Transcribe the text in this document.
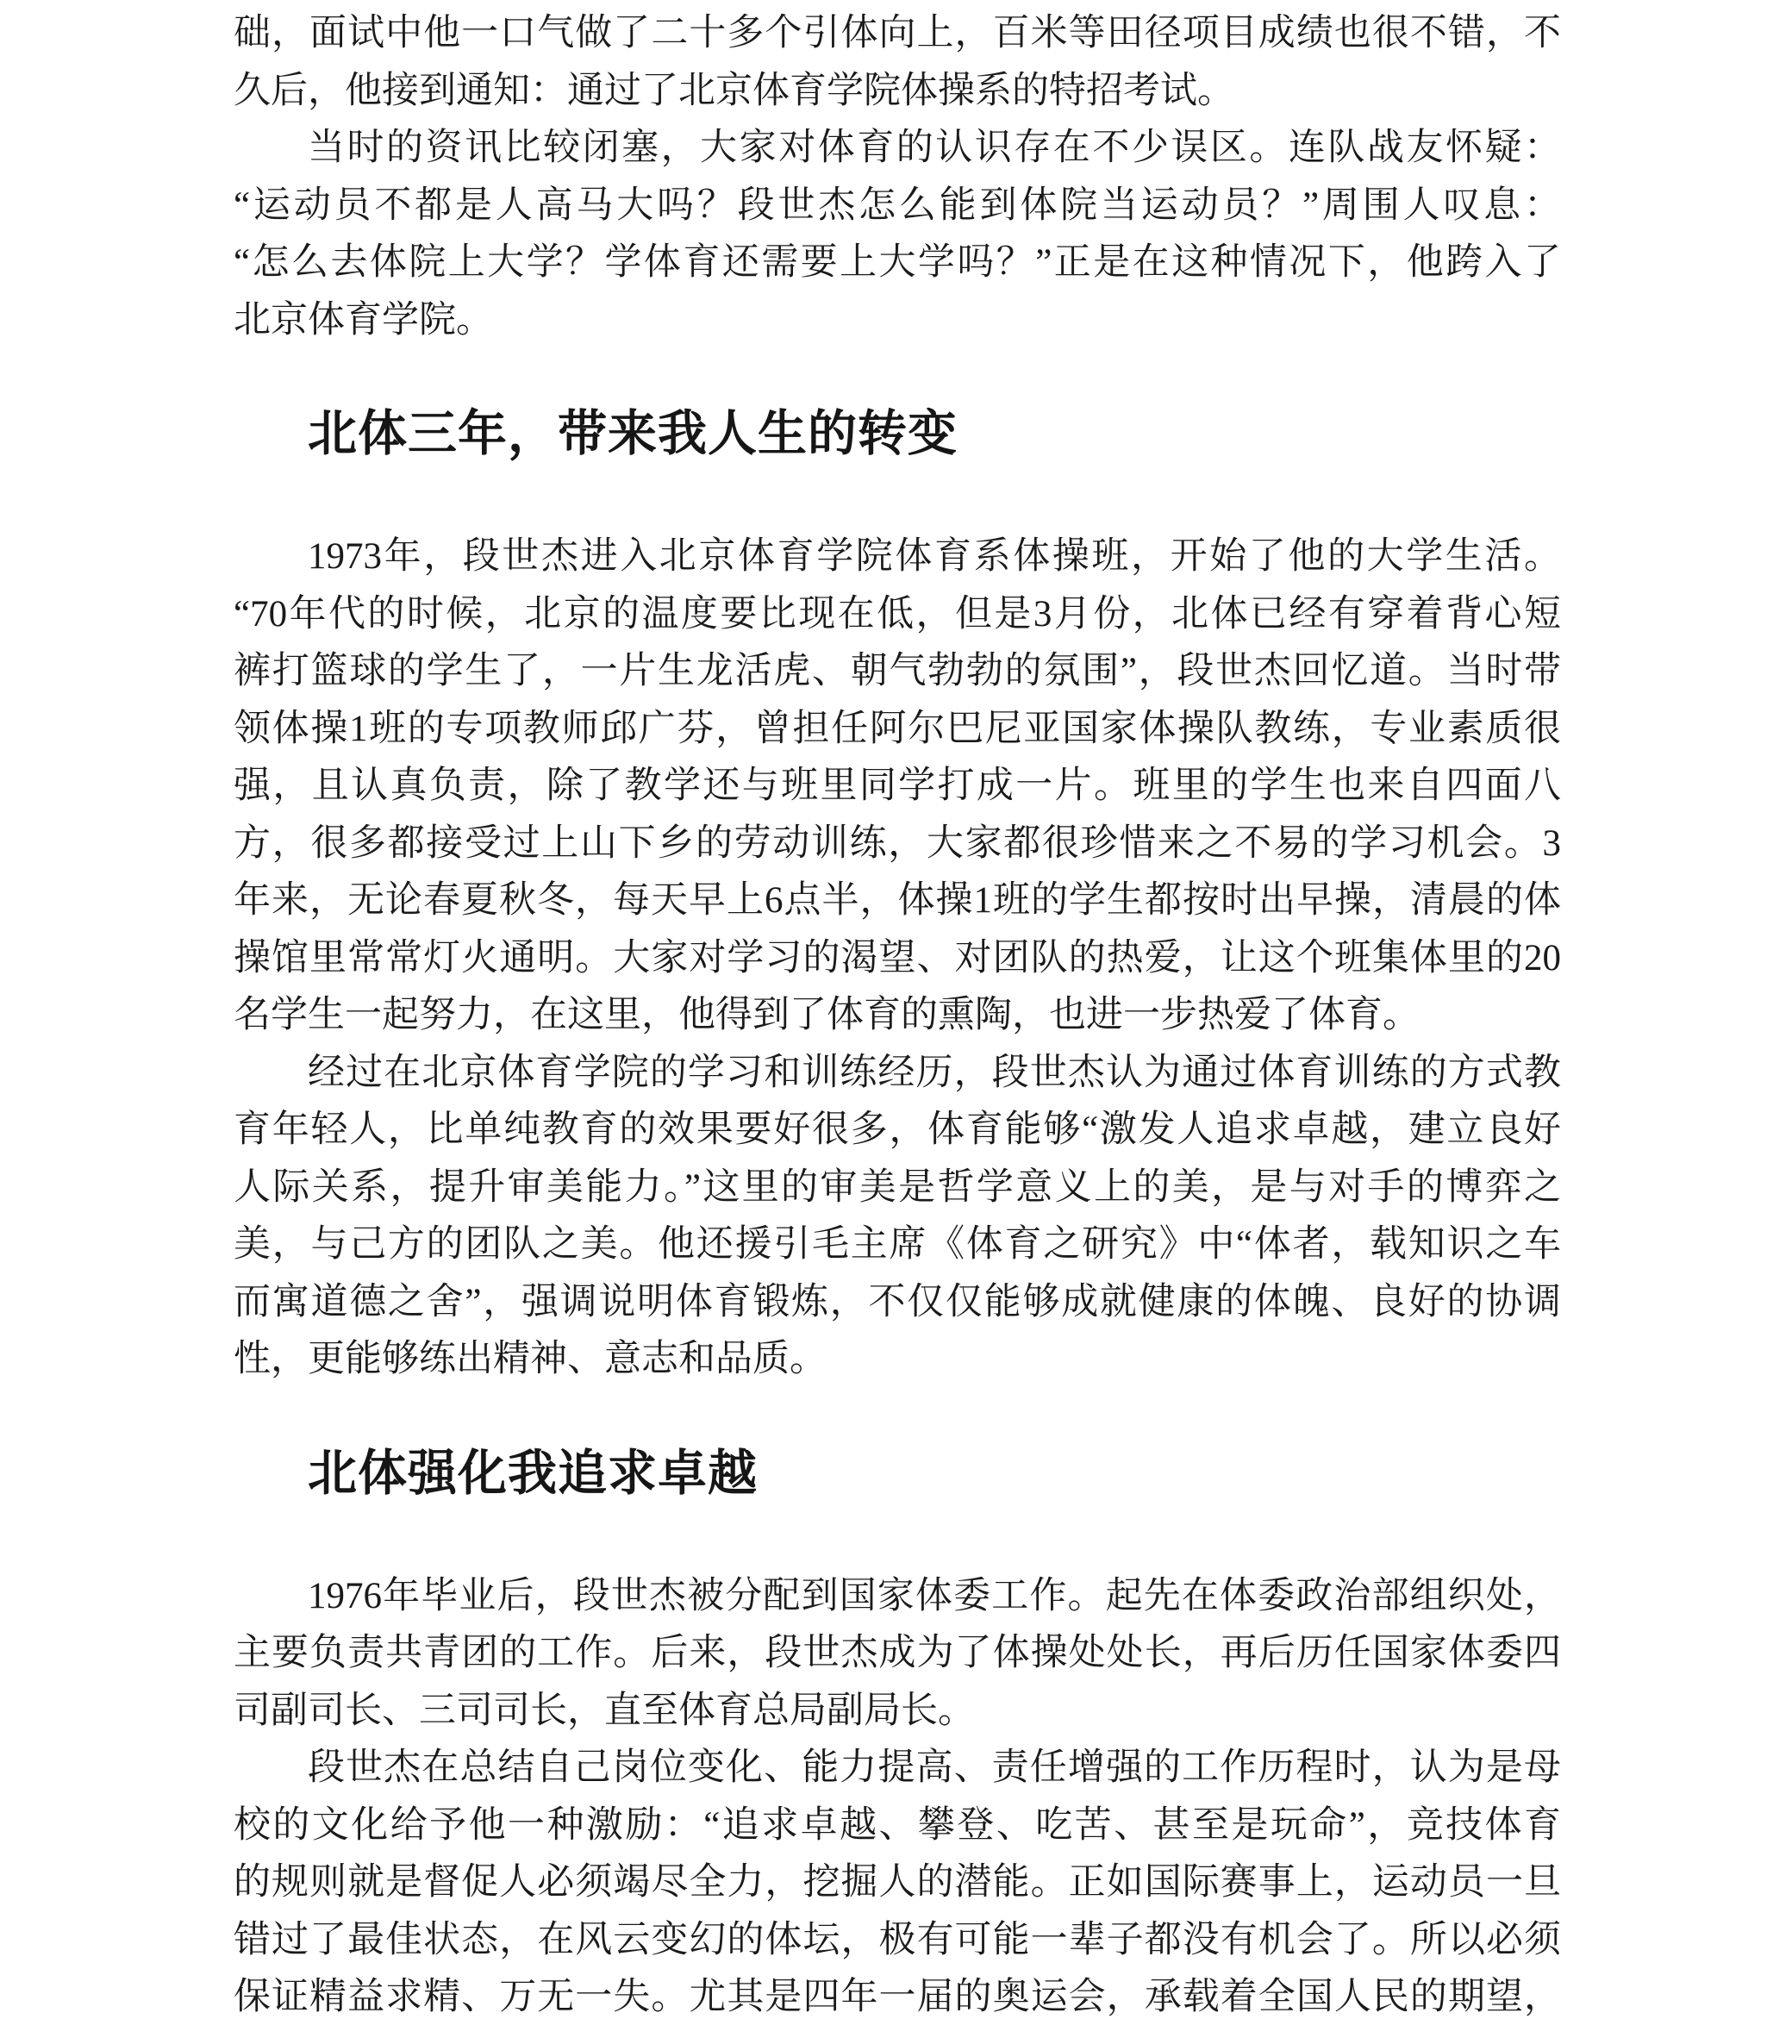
础，面试中他一口气做了二十多个引体向上，百米等田径项目成绩也很不错，不
久后，他接到通知：通过了北京体育学院体操系的特招考试。
当时的资讯比较闭塞，大家对体育的认识存在不少误区。连队战友怀疑：
“运动员不都是人高马大吗？段世杰怎么能到体院当运动员？”周围人叹息：
“怎么去体院上大学？学体育还需要上大学吗？”正是在这种情况下，他跨入了
北京体育学院。
北体三年，带来我人生的转变
1973年，段世杰进入北京体育学院体育系体操班，开始了他的大学生活。
“70年代的时候，北京的温度要比现在低，但是3月份，北体已经有穿着背心短
裤打篮球的学生了，一片生龙活虎、朝气勃勃的氛围”，段世杰回忆道。当时带
领体操1班的专项教师邱广芬，曾担任阿尔巴尼亚国家体操队教练，专业素质很
强，且认真负责，除了教学还与班里同学打成一片。班里的学生也来自四面八
方，很多都接受过上山下乡的劳动训练，大家都很珍惜来之不易的学习机会。3
年来，无论春夏秋冬，每天早上6点半，体操1班的学生都按时出早操，清晨的体
操馆里常常灯火通明。大家对学习的渴望、对团队的热爱，让这个班集体里的20
名学生一起努力，在这里，他得到了体育的熏陶，也进一步热爱了体育。
经过在北京体育学院的学习和训练经历，段世杰认为通过体育训练的方式教
育年轻人，比单纯教育的效果要好很多，体育能够“激发人追求卓越，建立良好
人际关系，提升审美能力。”这里的审美是哲学意义上的美，是与对手的博弈之
美，与己方的团队之美。他还援引毛主席《体育之研究》中“体者，载知识之车
而寓道德之舍”，强调说明体育锻炼，不仅仅能够成就健康的体魄、良好的协调
性，更能够练出精神、意志和品质。
北体强化我追求卓越
1976年毕业后，段世杰被分配到国家体委工作。起先在体委政治部组织处，
主要负责共青团的工作。后来，段世杰成为了体操处处长，再后历任国家体委四
司副司长、三司司长，直至体育总局副局长。
段世杰在总结自己岗位变化、能力提高、责任增强的工作历程时，认为是母
校的文化给予他一种激励：“追求卓越、攀登、吃苦、甚至是玩命”，竞技体育
的规则就是督促人必须竭尽全力，挖掘人的潜能。正如国际赛事上，运动员一旦
错过了最佳状态，在风云变幻的体坛，极有可能一辈子都没有机会了。所以必须
保证精益求精、万无一失。尤其是四年一届的奥运会，承载着全国人民的期望，
